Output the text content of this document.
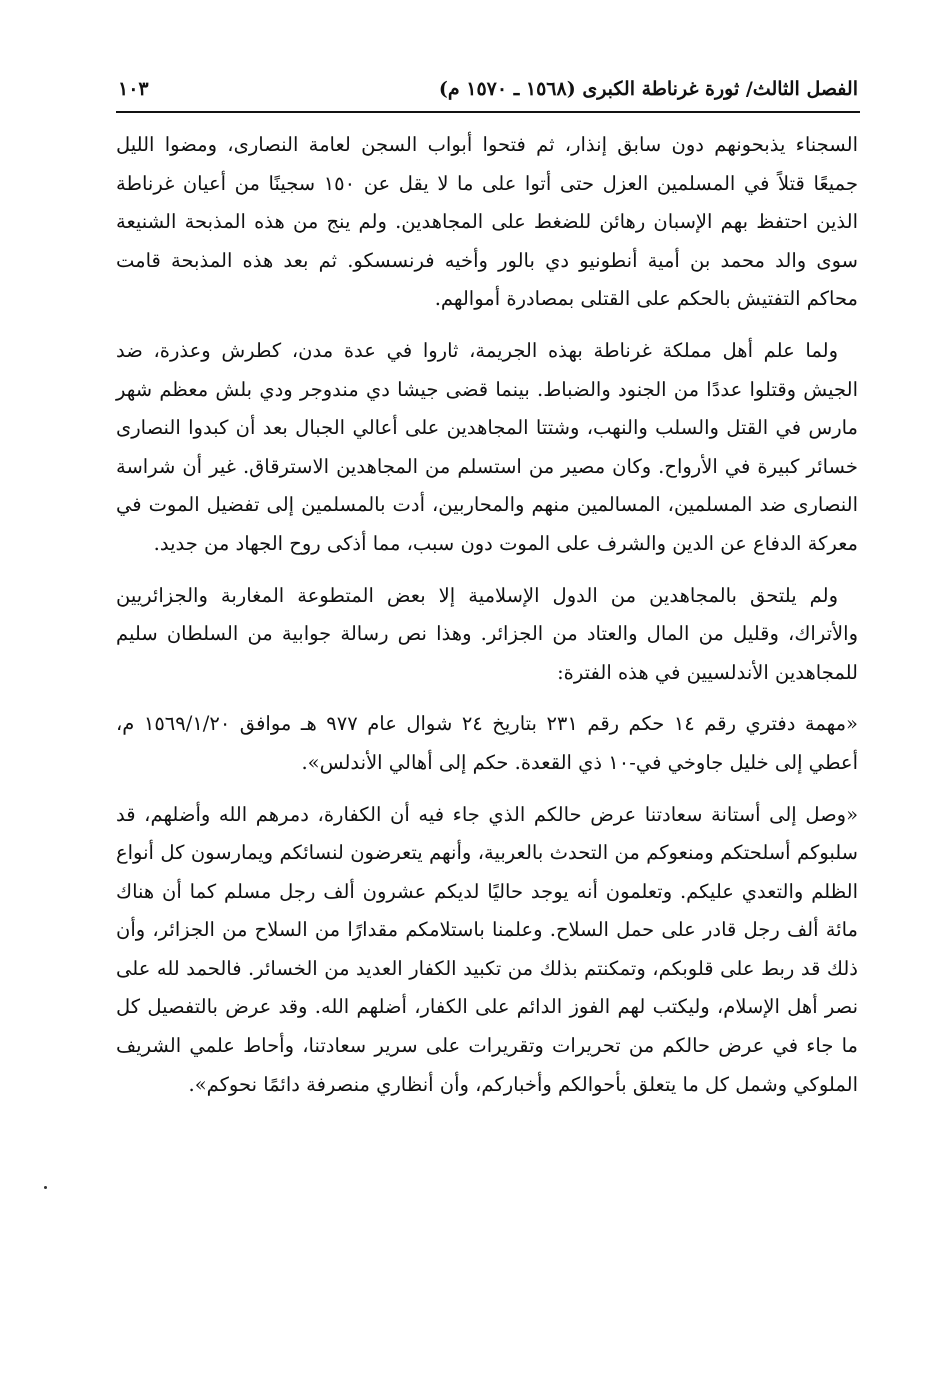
الفصل الثالث/ ثورة غرناطة الكبرى (١٥٦٨ ـ ١٥٧٠ م)
١٠٣

السجناء يذبحونهم دون سابق إنذار، ثم فتحوا أبواب السجن لعامة النصارى، ومضوا الليل جميعًا قتلاً في المسلمين العزل حتى أتوا على ما لا يقل عن ١٥٠ سجينًا من أعيان غرناطة الذين احتفظ بهم الإسبان رهائن للضغط على المجاهدين. ولم ينج من هذه المذبحة الشنيعة سوى والد محمد بن أمية أنطونيو دي بالور وأخيه فرنسسكو. ثم بعد هذه المذبحة قامت محاكم التفتيش بالحكم على القتلى بمصادرة أموالهم.

ولما علم أهل مملكة غرناطة بهذه الجريمة، ثاروا في عدة مدن، كطرش وعذرة، ضد الجيش وقتلوا عددًا من الجنود والضباط. بينما قضى جيشا دي مندوجر ودي بلش معظم شهر مارس في القتل والسلب والنهب، وشتتا المجاهدين على أعالي الجبال بعد أن كبدوا النصارى خسائر كبيرة في الأرواح. وكان مصير من استسلم من المجاهدين الاسترقاق. غير أن شراسة النصارى ضد المسلمين، المسالمين منهم والمحاربين، أدت بالمسلمين إلى تفضيل الموت في معركة الدفاع عن الدين والشرف على الموت دون سبب، مما أذكى روح الجهاد من جديد.

ولم يلتحق بالمجاهدين من الدول الإسلامية إلا بعض المتطوعة المغاربة والجزائريين والأتراك، وقليل من المال والعتاد من الجزائر. وهذا نص رسالة جوابية من السلطان سليم للمجاهدين الأندلسيين في هذه الفترة:

«مهمة دفتري رقم ١٤ حكم رقم ٢٣١ بتاريخ ٢٤ شوال عام ٩٧٧ هـ موافق ١٥٦٩/١/٢٠ م، أعطي إلى خليل جاوخي في-١٠ ذي القعدة. حكم إلى أهالي الأندلس».

«وصل إلى أستانة سعادتنا عرض حالكم الذي جاء فيه أن الكفارة، دمرهم الله وأضلهم، قد سلبوكم أسلحتكم ومنعوكم من التحدث بالعربية، وأنهم يتعرضون لنسائكم ويمارسون كل أنواع الظلم والتعدي عليكم. وتعلمون أنه يوجد حاليًا لديكم عشرون ألف رجل مسلم كما أن هناك مائة ألف رجل قادر على حمل السلاح. وعلمنا باستلامكم مقدارًا من السلاح من الجزائر، وأن ذلك قد ربط على قلوبكم، وتمكنتم بذلك من تكبيد الكفار العديد من الخسائر. فالحمد لله على نصر أهل الإسلام، وليكتب لهم الفوز الدائم على الكفار، أضلهم الله. وقد عرض بالتفصيل كل ما جاء في عرض حالكم من تحريرات وتقريرات على سرير سعادتنا، وأحاط علمي الشريف الملوكي وشمل كل ما يتعلق بأحوالكم وأخباركم، وأن أنظاري منصرفة دائمًا نحوكم».
